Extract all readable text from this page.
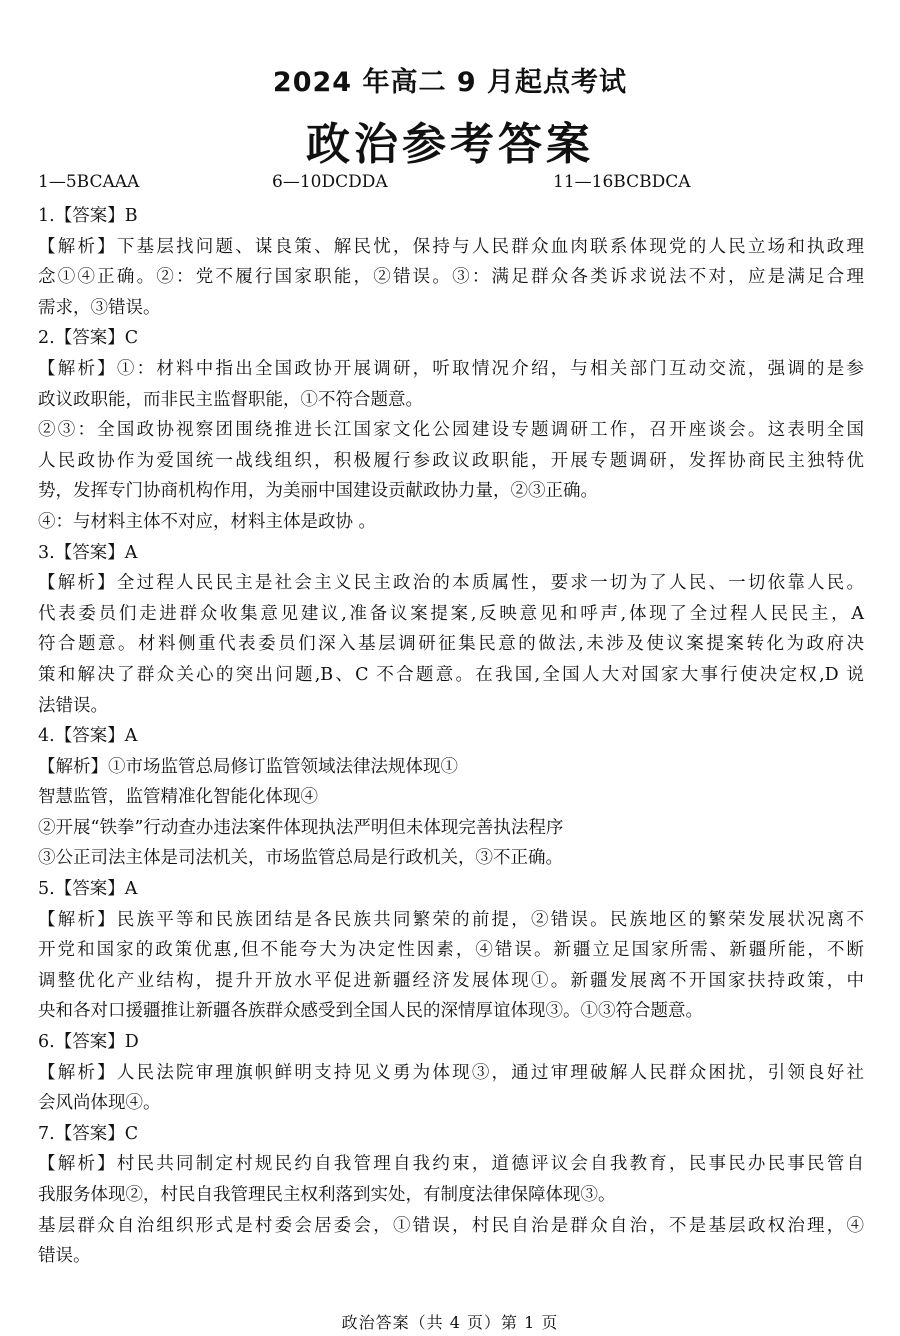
2024 年高二 9 月起点考试
政治参考答案
1—5BCAAA	6—10DCDDA	11—16BCBDCA
1.【答案】B
【解析】下基层找问题、谋良策、解民忧，保持与人民群众血肉联系体现党的人民立场和执政理
念①④正确。②：党不履行国家职能，②错误。③：满足群众各类诉求说法不对，应是满足合理
需求，③错误。
2.【答案】C
【解析】①：材料中指出全国政协开展调研，听取情况介绍，与相关部门互动交流，强调的是参
政议政职能，而非民主监督职能，①不符合题意。
②③：全国政协视察团围绕推进长江国家文化公园建设专题调研工作，召开座谈会。这表明全国
人民政协作为爱国统一战线组织，积极履行参政议政职能，开展专题调研，发挥协商民主独特优
势，发挥专门协商机构作用，为美丽中国建设贡献政协力量，②③正确。
④：与材料主体不对应，材料主体是政协 。
3.【答案】A
【解析】全过程人民民主是社会主义民主政治的本质属性，要求一切为了人民、一切依靠人民。
代表委员们走进群众收集意见建议,准备议案提案,反映意见和呼声,体现了全过程人民民主，A
符合题意。材料侧重代表委员们深入基层调研征集民意的做法,未涉及使议案提案转化为政府决
策和解决了群众关心的突出问题,B、C 不合题意。在我国,全国人大对国家大事行使决定权,D 说
法错误。
4.【答案】A
【解析】①市场监管总局修订监管领域法律法规体现①
智慧监管，监管精准化智能化体现④
②开展“铁拳”行动查办违法案件体现执法严明但未体现完善执法程序
③公正司法主体是司法机关，市场监管总局是行政机关，③不正确。
5.【答案】A
【解析】民族平等和民族团结是各民族共同繁荣的前提，②错误。民族地区的繁荣发展状况离不
开党和国家的政策优惠,但不能夸大为决定性因素，④错误。新疆立足国家所需、新疆所能，不断
调整优化产业结构，提升开放水平促进新疆经济发展体现①。新疆发展离不开国家扶持政策，中
央和各对口援疆推让新疆各族群众感受到全国人民的深情厚谊体现③。①③符合题意。
6.【答案】D
【解析】人民法院审理旗帜鲜明支持见义勇为体现③，通过审理破解人民群众困扰，引领良好社
会风尚体现④。
7.【答案】C
【解析】村民共同制定村规民约自我管理自我约束，道德评议会自我教育，民事民办民事民管自
我服务体现②，村民自我管理民主权利落到实处，有制度法律保障体现③。
基层群众自治组织形式是村委会居委会，①错误，村民自治是群众自治，不是基层政权治理，④
错误。
政治答案（共 4 页）第 1 页
